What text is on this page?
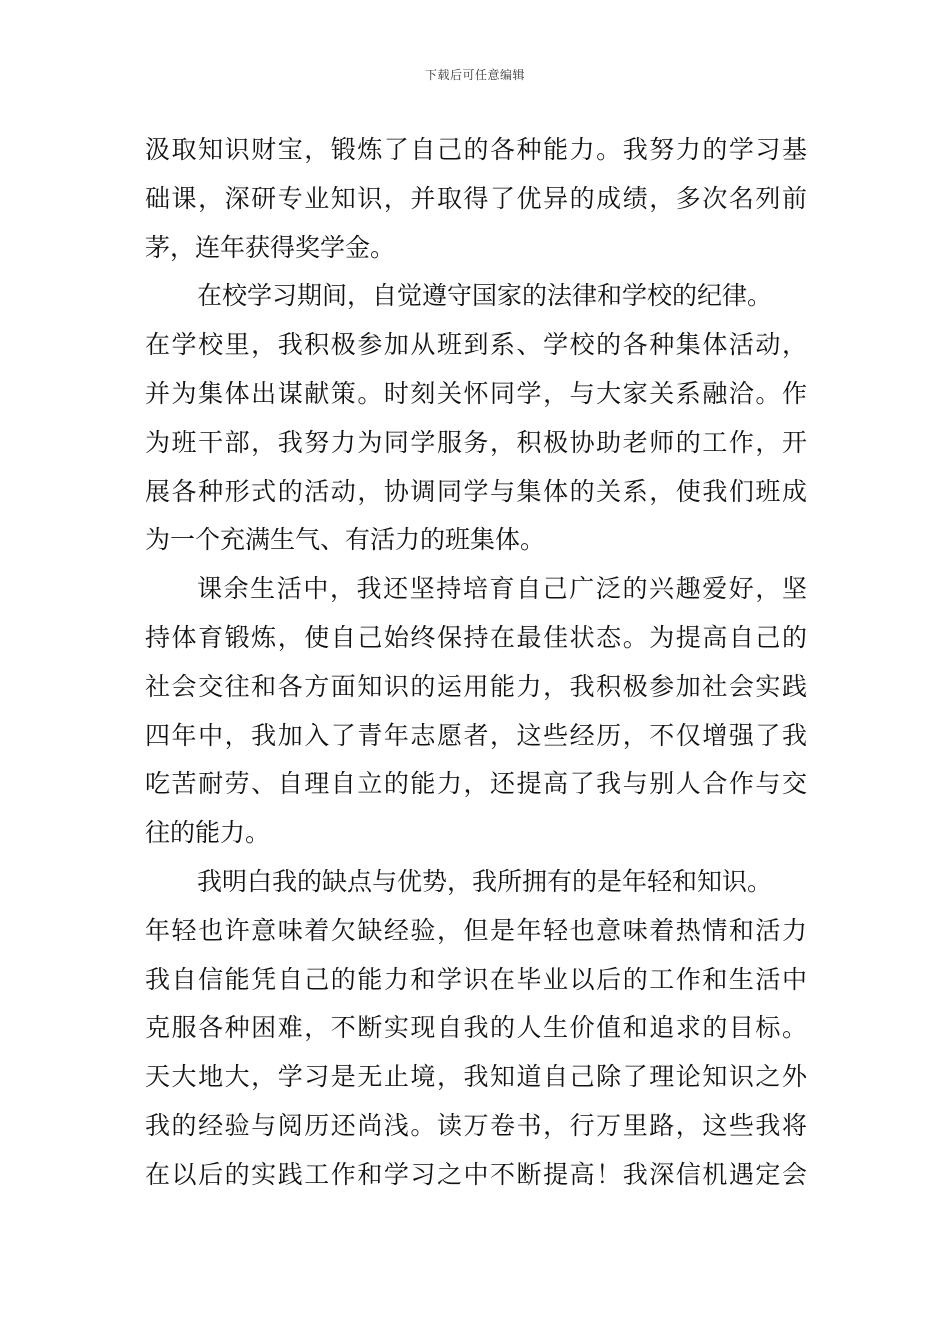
下载后可任意编辑
汲取知识财宝，锻炼了自己的各种能力。我努力的学习基
础课，深研专业知识，并取得了优异的成绩，多次名列前
茅，连年获得奖学金。
在校学习期间，自觉遵守国家的法律和学校的纪律。
在学校里，我积极参加从班到系、学校的各种集体活动，
并为集体出谋献策。时刻关怀同学，与大家关系融洽。作
为班干部，我努力为同学服务，积极协助老师的工作，开
展各种形式的活动，协调同学与集体的关系，使我们班成
为一个充满生气、有活力的班集体。
课余生活中，我还坚持培育自己广泛的兴趣爱好，坚
持体育锻炼，使自己始终保持在最佳状态。为提高自己的
社会交往和各方面知识的运用能力，我积极参加社会实践
四年中，我加入了青年志愿者，这些经历，不仅增强了我
吃苦耐劳、自理自立的能力，还提高了我与别人合作与交
往的能力。
我明白我的缺点与优势，我所拥有的是年轻和知识。
年轻也许意味着欠缺经验，但是年轻也意味着热情和活力
我自信能凭自己的能力和学识在毕业以后的工作和生活中
克服各种困难，不断实现自我的人生价值和追求的目标。
天大地大，学习是无止境，我知道自己除了理论知识之外
我的经验与阅历还尚浅。读万卷书，行万里路，这些我将
在以后的实践工作和学习之中不断提高！我深信机遇定会
